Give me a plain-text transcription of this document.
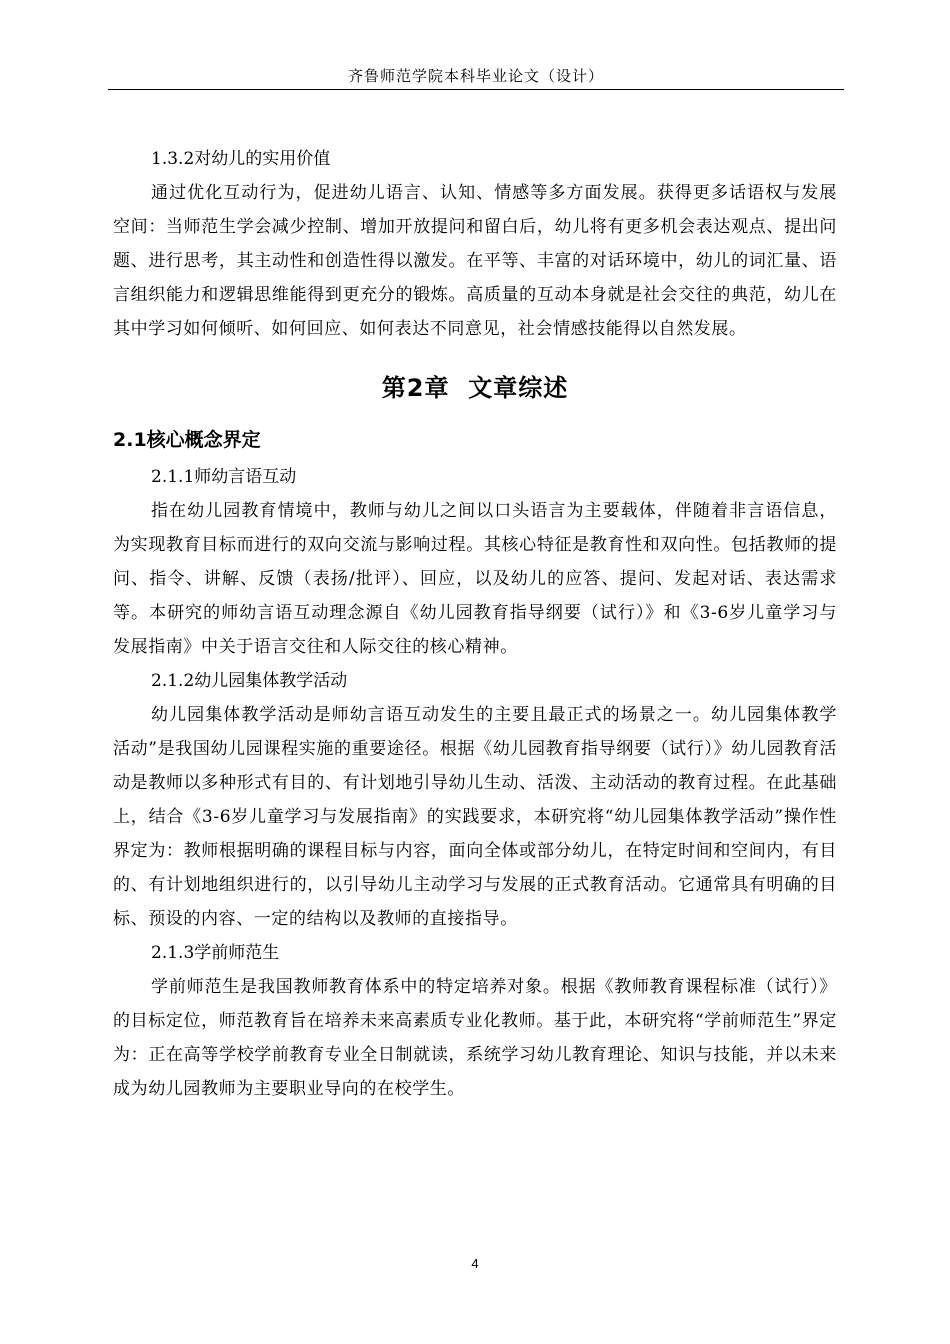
齐鲁师范学院本科毕业论文（设计）

1.3.2对幼儿的实用价值

通过优化互动行为，促进幼儿语言、认知、情感等多方面发展。获得更多话语权与发展空间：当师范生学会减少控制、增加开放提问和留白后，幼儿将有更多机会表达观点、提出问题、进行思考，其主动性和创造性得以激发。在平等、丰富的对话环境中，幼儿的词汇量、语言组织能力和逻辑思维能得到更充分的锻炼。高质量的互动本身就是社会交往的典范，幼儿在其中学习如何倾听、如何回应、如何表达不同意见，社会情感技能得以自然发展。

第2章  文章综述

2.1核心概念界定

2.1.1师幼言语互动

指在幼儿园教育情境中，教师与幼儿之间以口头语言为主要载体，伴随着非言语信息，为实现教育目标而进行的双向交流与影响过程。其核心特征是教育性和双向性。包括教师的提问、指令、讲解、反馈（表扬/批评）、回应，以及幼儿的应答、提问、发起对话、表达需求等。本研究的师幼言语互动理念源自《幼儿园教育指导纲要（试行）》和《3-6岁儿童学习与发展指南》中关于语言交往和人际交往的核心精神。

2.1.2幼儿园集体教学活动

幼儿园集体教学活动是师幼言语互动发生的主要且最正式的场景之一。幼儿园集体教学活动”是我国幼儿园课程实施的重要途径。根据《幼儿园教育指导纲要（试行）》幼儿园教育活动是教师以多种形式有目的、有计划地引导幼儿生动、活泼、主动活动的教育过程。在此基础上，结合《3-6岁儿童学习与发展指南》的实践要求，本研究将“幼儿园集体教学活动”操作性界定为：教师根据明确的课程目标与内容，面向全体或部分幼儿，在特定时间和空间内，有目的、有计划地组织进行的，以引导幼儿主动学习与发展的正式教育活动。它通常具有明确的目标、预设的内容、一定的结构以及教师的直接指导。

2.1.3学前师范生

学前师范生是我国教师教育体系中的特定培养对象。根据《教师教育课程标准（试行）》的目标定位，师范教育旨在培养未来高素质专业化教师。基于此，本研究将“学前师范生”界定为：正在高等学校学前教育专业全日制就读，系统学习幼儿教育理论、知识与技能，并以未来成为幼儿园教师为主要职业导向的在校学生。

4
